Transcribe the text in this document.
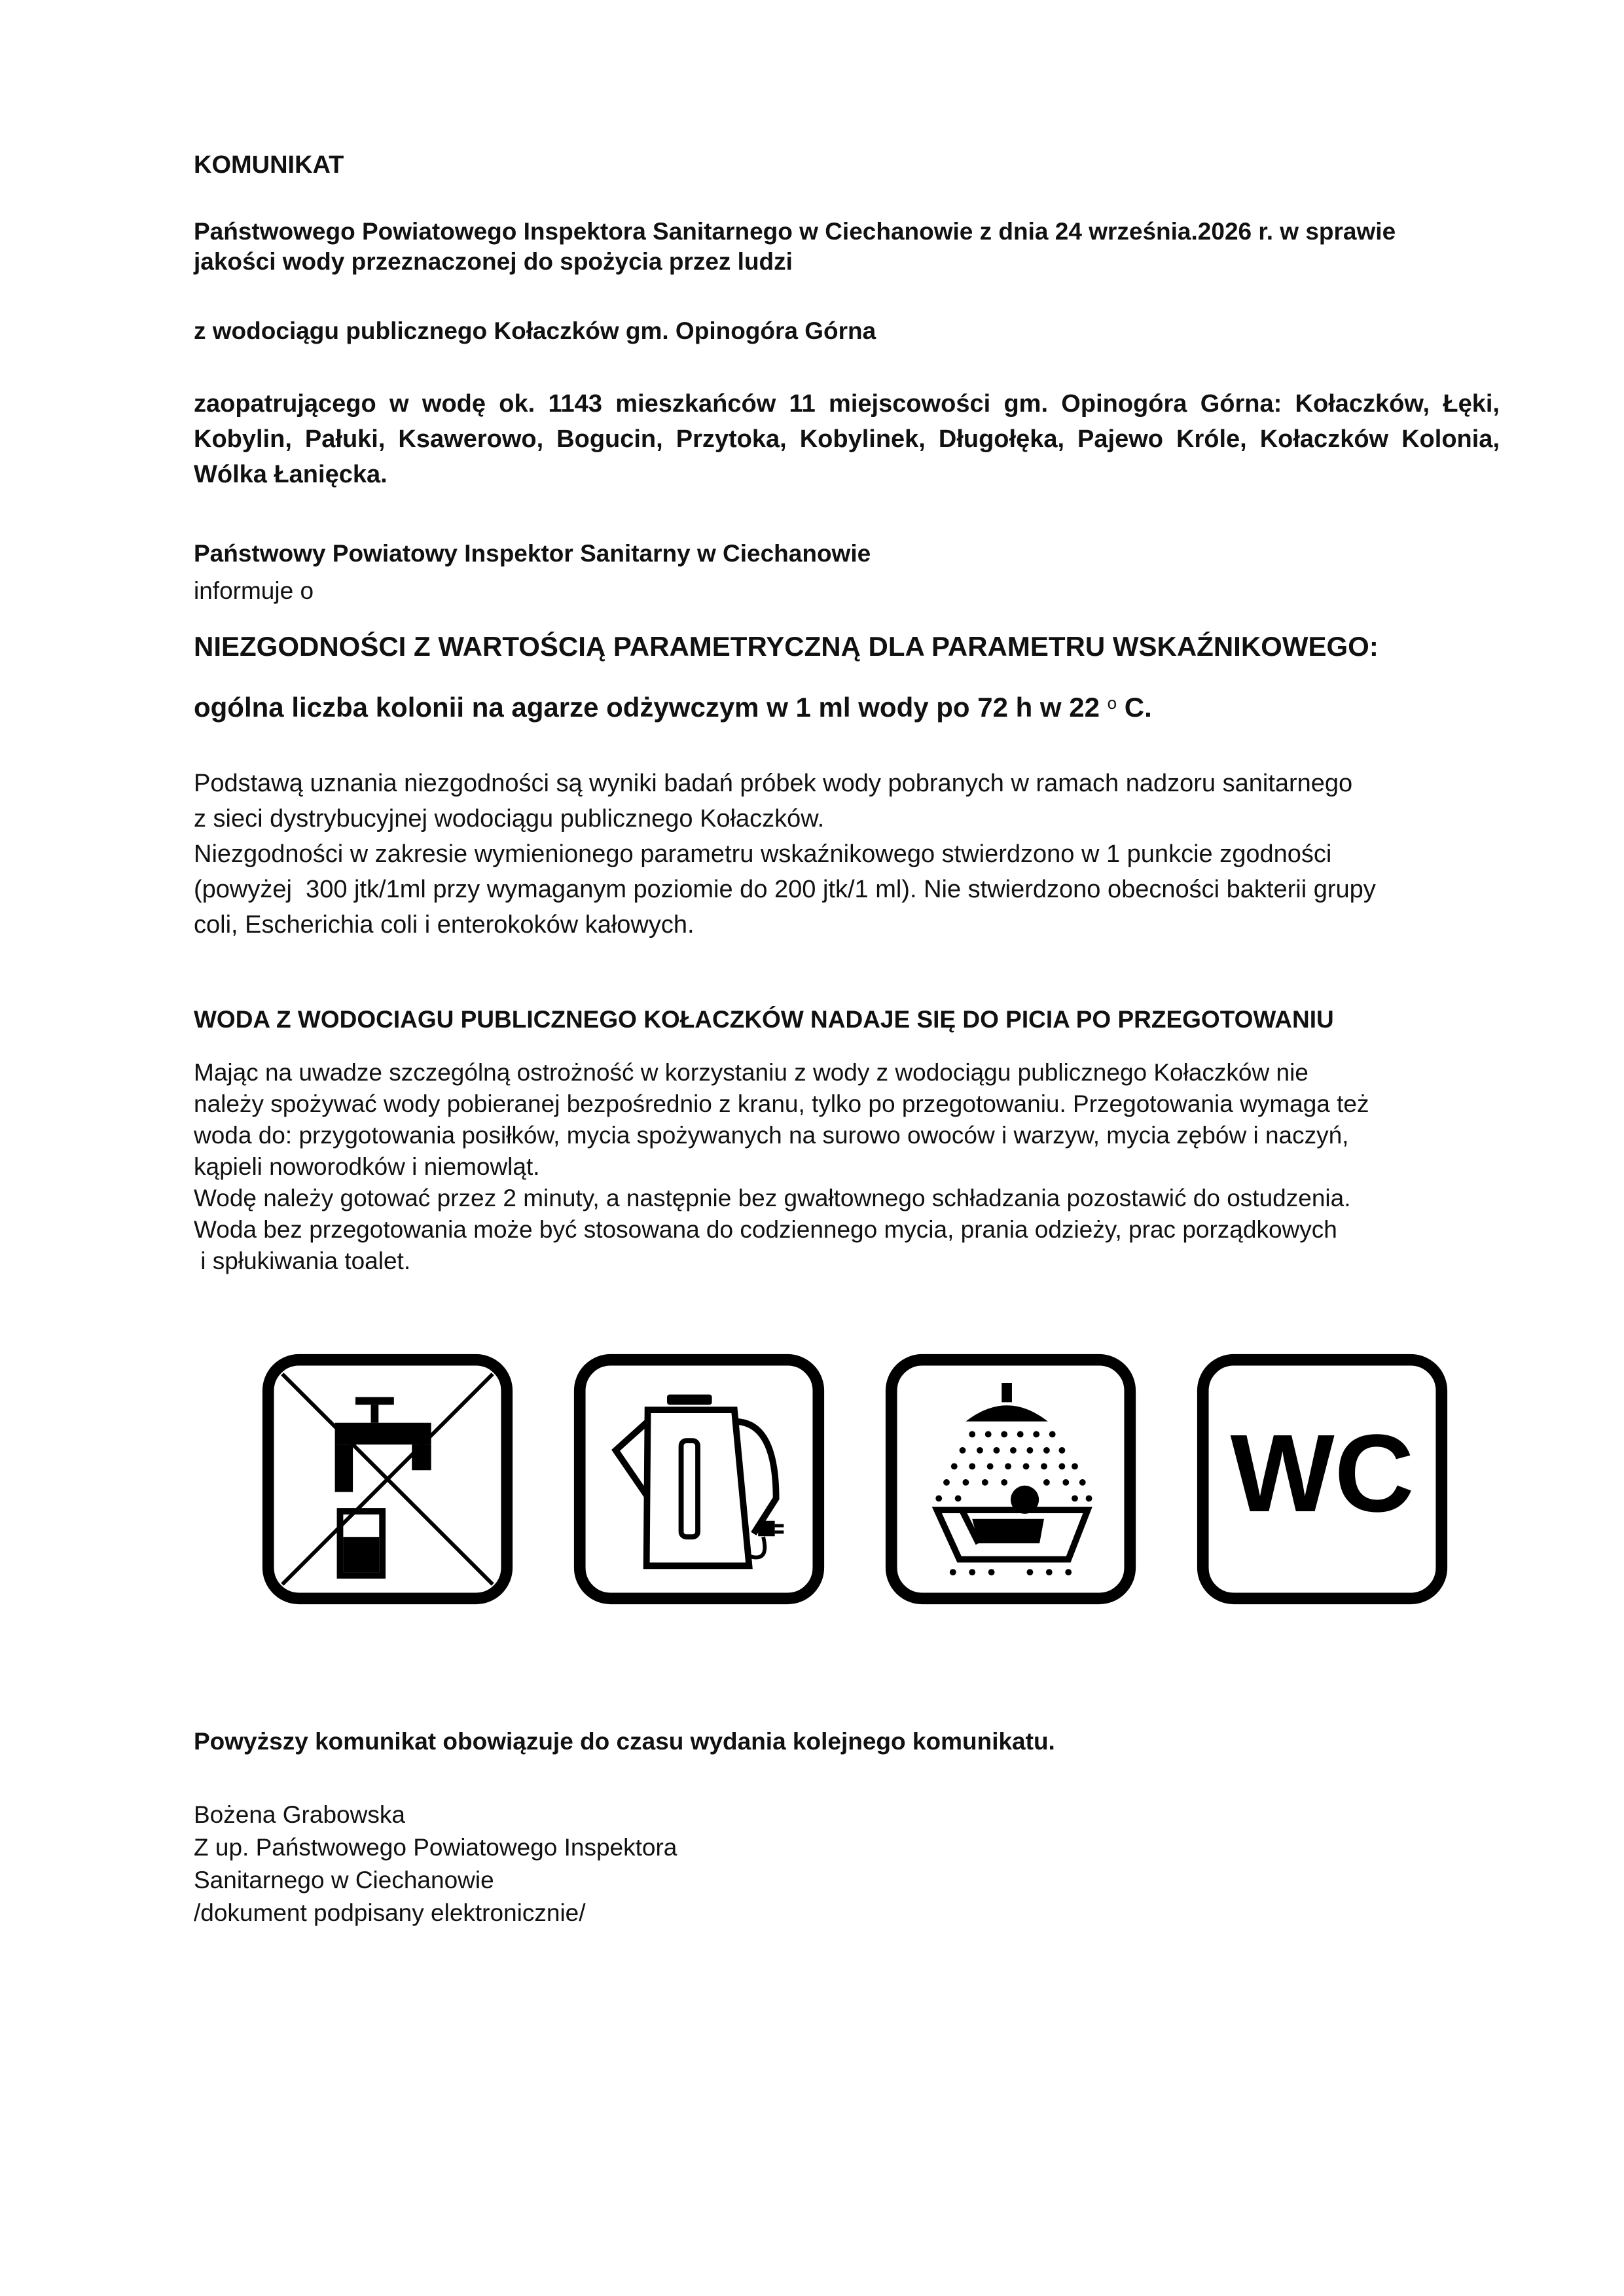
KOMUNIKAT

Państwowego Powiatowego Inspektora Sanitarnego w Ciechanowie z dnia 24 września.2026 r. w sprawie
jakości wody przeznaczonej do spożycia przez ludzi

z wodociągu publicznego Kołaczków gm. Opinogóra Górna

zaopatrującego w wodę ok. 1143 mieszkańców 11 miejscowości gm. Opinogóra Górna: Kołaczków, Łęki,
Kobylin, Pałuki, Ksawerowo, Bogucin, Przytoka, Kobylinek, Długołęka, Pajewo Króle, Kołaczków Kolonia,
Wólka Łanięcka.

Państwowy Powiatowy Inspektor Sanitarny w Ciechanowie

informuje o

NIEZGODNOŚCI Z WARTOŚCIĄ PARAMETRYCZNĄ DLA PARAMETRU WSKAŹNIKOWEGO:

ogólna liczba kolonii na agarze odżywczym w 1 ml wody po 72 h w 22 $^o$ C.

Podstawą uznania niezgodności są wyniki badań próbek wody pobranych w ramach nadzoru sanitarnego
z sieci dystrybucyjnej wodociągu publicznego Kołaczków.
Niezgodności w zakresie wymienionego parametru wskaźnikowego stwierdzono w 1 punkcie zgodności
(powyżej  300 jtk/1ml przy wymaganym poziomie do 200 jtk/1 ml). Nie stwierdzono obecności bakterii grupy
coli, Escherichia coli i enterokoków kałowych.

WODA Z WODOCIAGU PUBLICZNEGO KOŁACZKÓW NADAJE SIĘ DO PICIA PO PRZEGOTOWANIU

Mając na uwadze szczególną ostrożność w korzystaniu z wody z wodociągu publicznego Kołaczków nie
należy spożywać wody pobieranej bezpośrednio z kranu, tylko po przegotowaniu. Przegotowania wymaga też
woda do: przygotowania posiłków, mycia spożywanych na surowo owoców i warzyw, mycia zębów i naczyń,
kąpieli noworodków i niemowląt.
Wodę należy gotować przez 2 minuty, a następnie bez gwałtownego schładzania pozostawić do ostudzenia.
Woda bez przegotowania może być stosowana do codziennego mycia, prania odzieży, prac porządkowych
i spłukiwania toalet.

WC

Powyższy komunikat obowiązuje do czasu wydania kolejnego komunikatu.

Bożena Grabowska
Z up. Państwowego Powiatowego Inspektora
Sanitarnego w Ciechanowie
/dokument podpisany elektronicznie/
